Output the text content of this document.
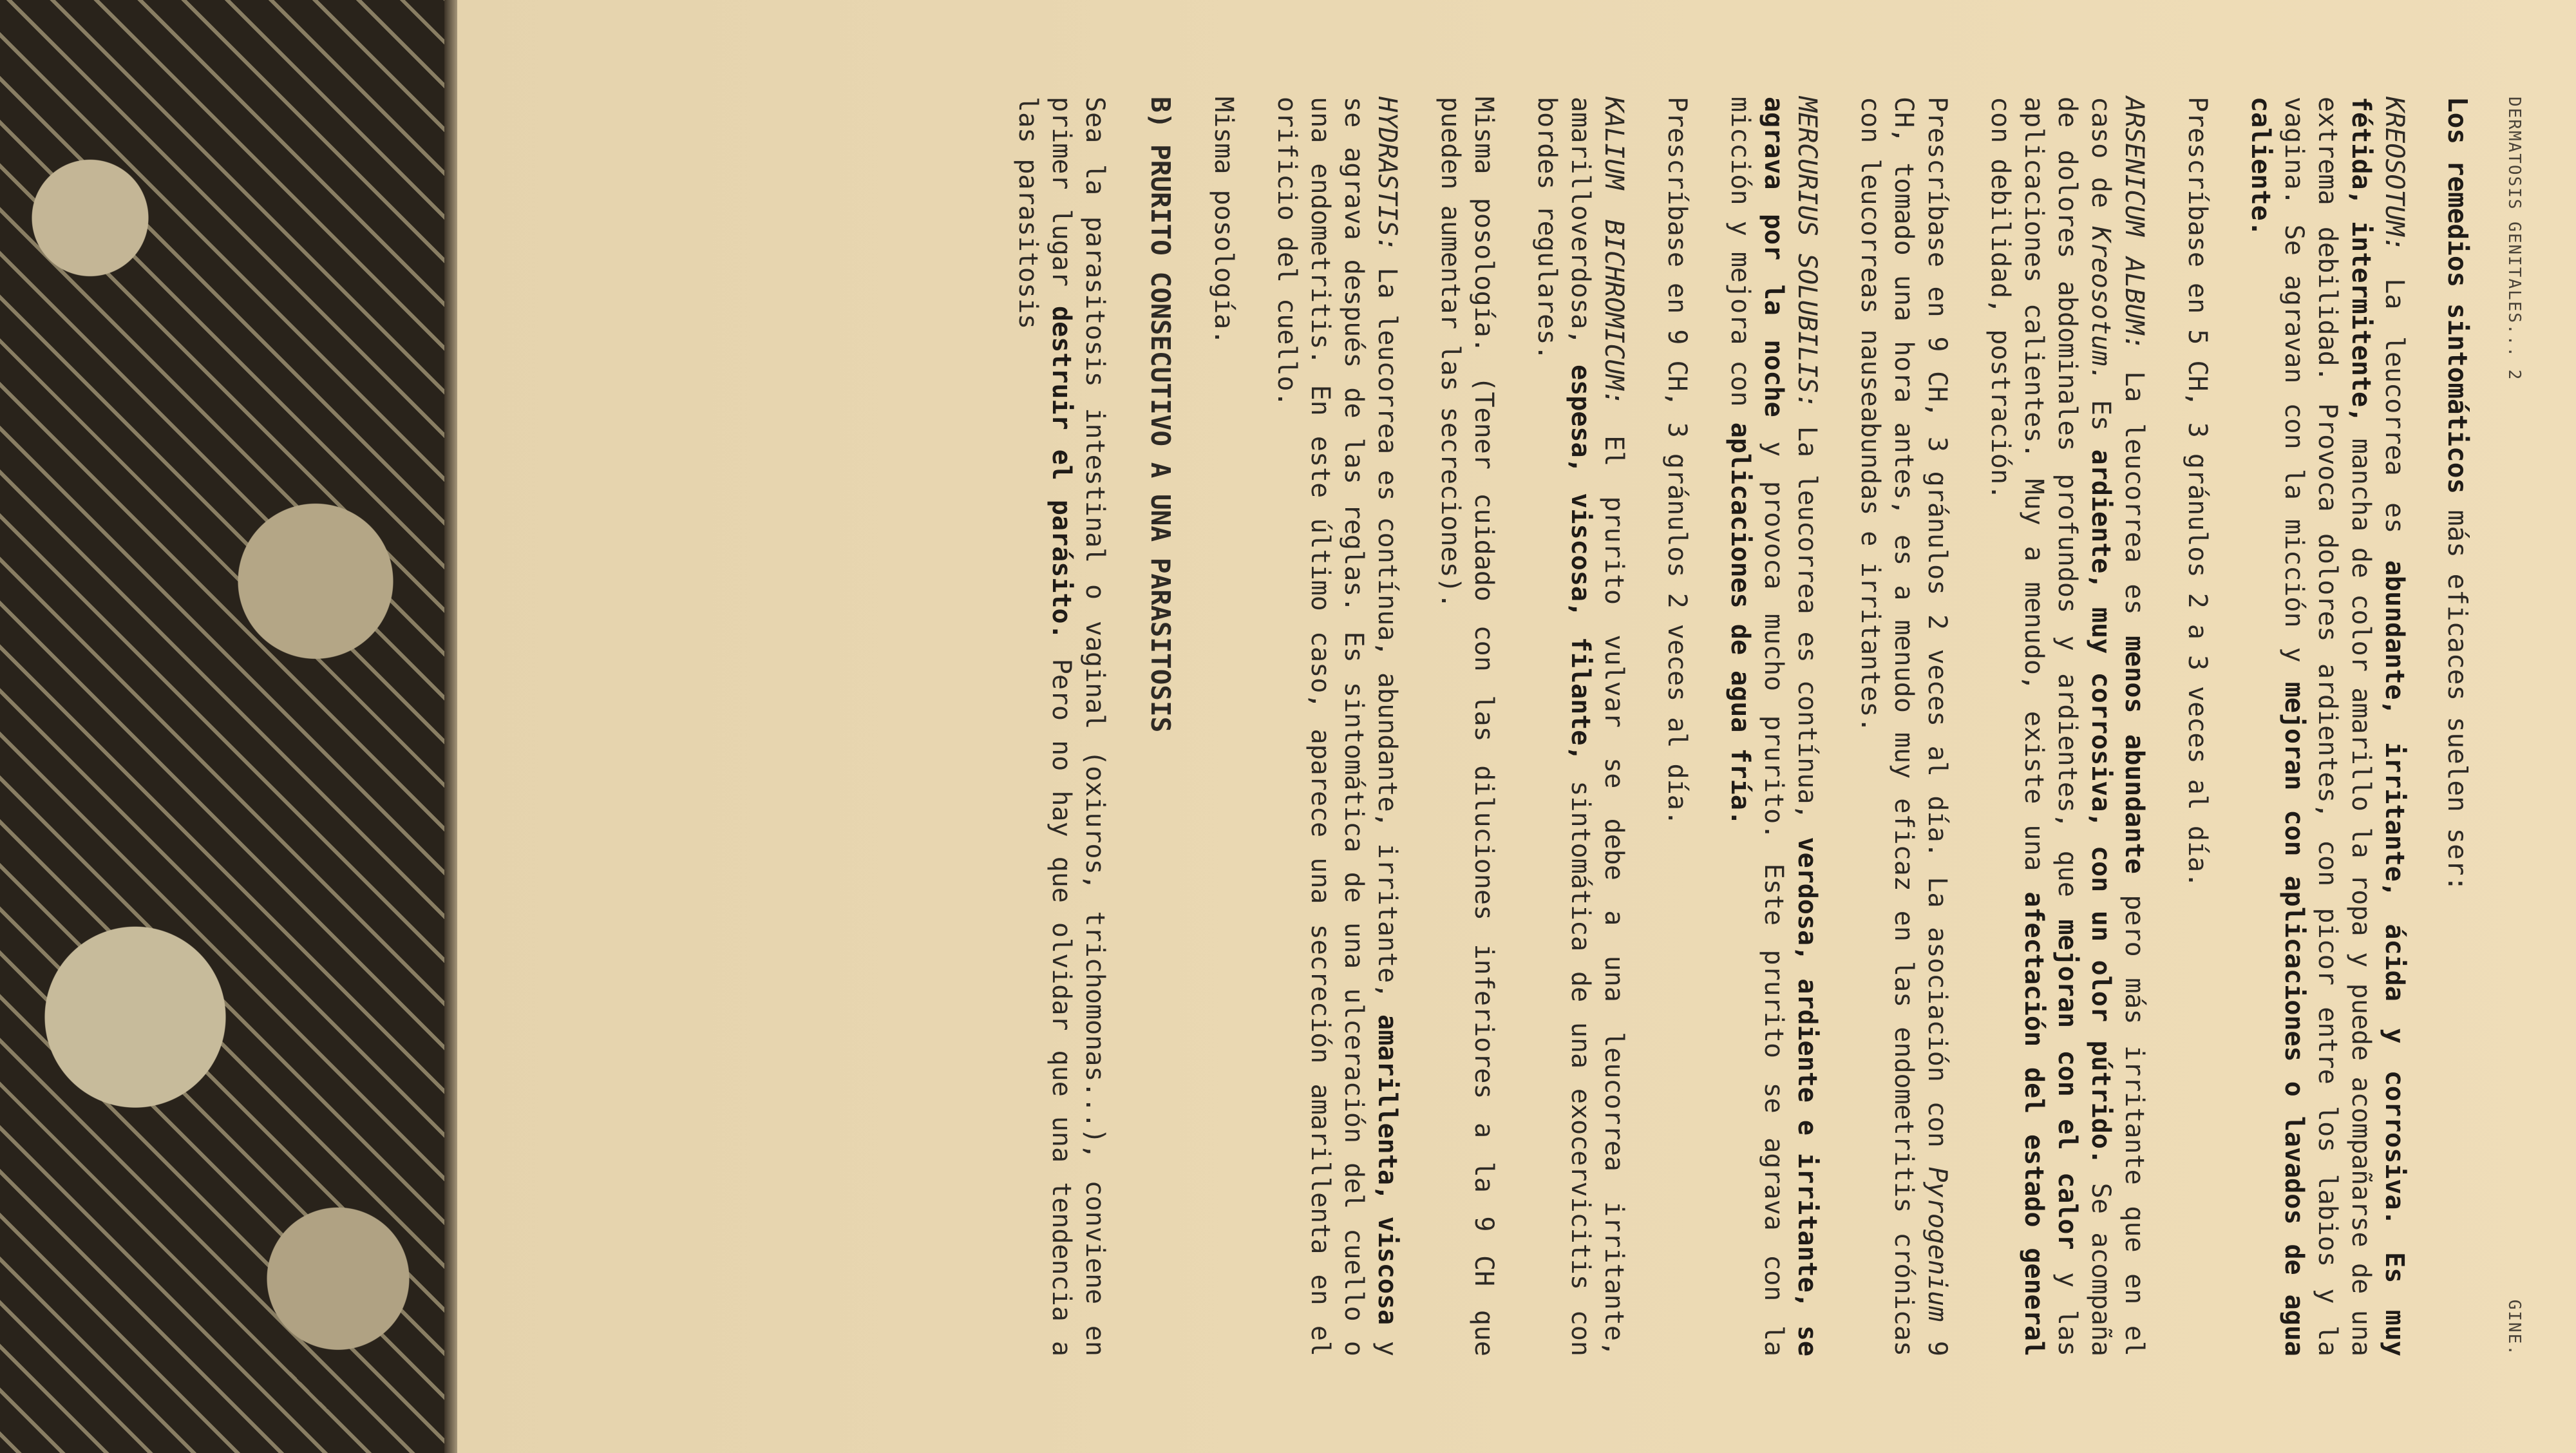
DERMATOSIS GENITALES... 2
GINE.
Los remedios sintomáticos más eficaces suelen ser:

KREOSOTUM: La leucorrea es abundante, irritante, ácida y corrosiva. Es muy fétida, intermitente, mancha de color amarillo la ropa y puede acompañarse de una extrema debilidad. Provoca dolores ardientes, con picor entre los labios y la vagina. Se agravan con la micción y mejoran con aplicaciones o lavados de agua caliente.

Prescríbase en 5 CH, 3 gránulos 2 a 3 veces al día.

ARSENICUM ALBUM: La leucorrea es menos abundante pero más irritante que en el caso de Kreosotum. Es ardiente, muy corrosiva, con un olor pútrido. Se acompaña de dolores abdominales profundos y ardientes, que mejoran con el calor y las aplicaciones calientes. Muy a menudo, existe una afectación del estado general con debilidad, postración.

Prescríbase en 9 CH, 3 gránulos 2 veces al día. La asociación con Pyrogenium 9 CH, tomado una hora antes, es a menudo muy eficaz en las endometritis crónicas con leucorreas nauseabundas e irritantes.

MERCURIUS SOLUBILIS: La leucorrea es contínua, verdosa, ardiente e irritante, se agrava por la noche y provoca mucho prurito. Este prurito se agrava con la micción y mejora con aplicaciones de agua fría.

Prescríbase en 9 CH, 3 gránulos 2 veces al día.

KALIUM BICHROMICUM: El prurito vulvar se debe a una leucorrea irritante, amarilloverdosa, espesa, viscosa, filante, sintomática de una exocervicitis con bordes regulares.

Misma posología. (Tener cuidado con las diluciones inferiores a la 9 CH que pueden aumentar las secreciones).

HYDRASTIS: La leucorrea es contínua, abundante, irritante, amarillenta, viscosa y se agrava después de las reglas. Es sintomática de una ulceración del cuello o una endometritis. En este último caso, aparece una secreción amarillenta en el orificio del cuello.

Misma posología.

B) PRURITO CONSECUTIVO A UNA PARASITOSIS

Sea la parasitosis intestinal o vaginal (oxiuros, trichomonas...), conviene en primer lugar destruir el parásito. Pero no hay que olvidar que una tendencia a las parasitosis
